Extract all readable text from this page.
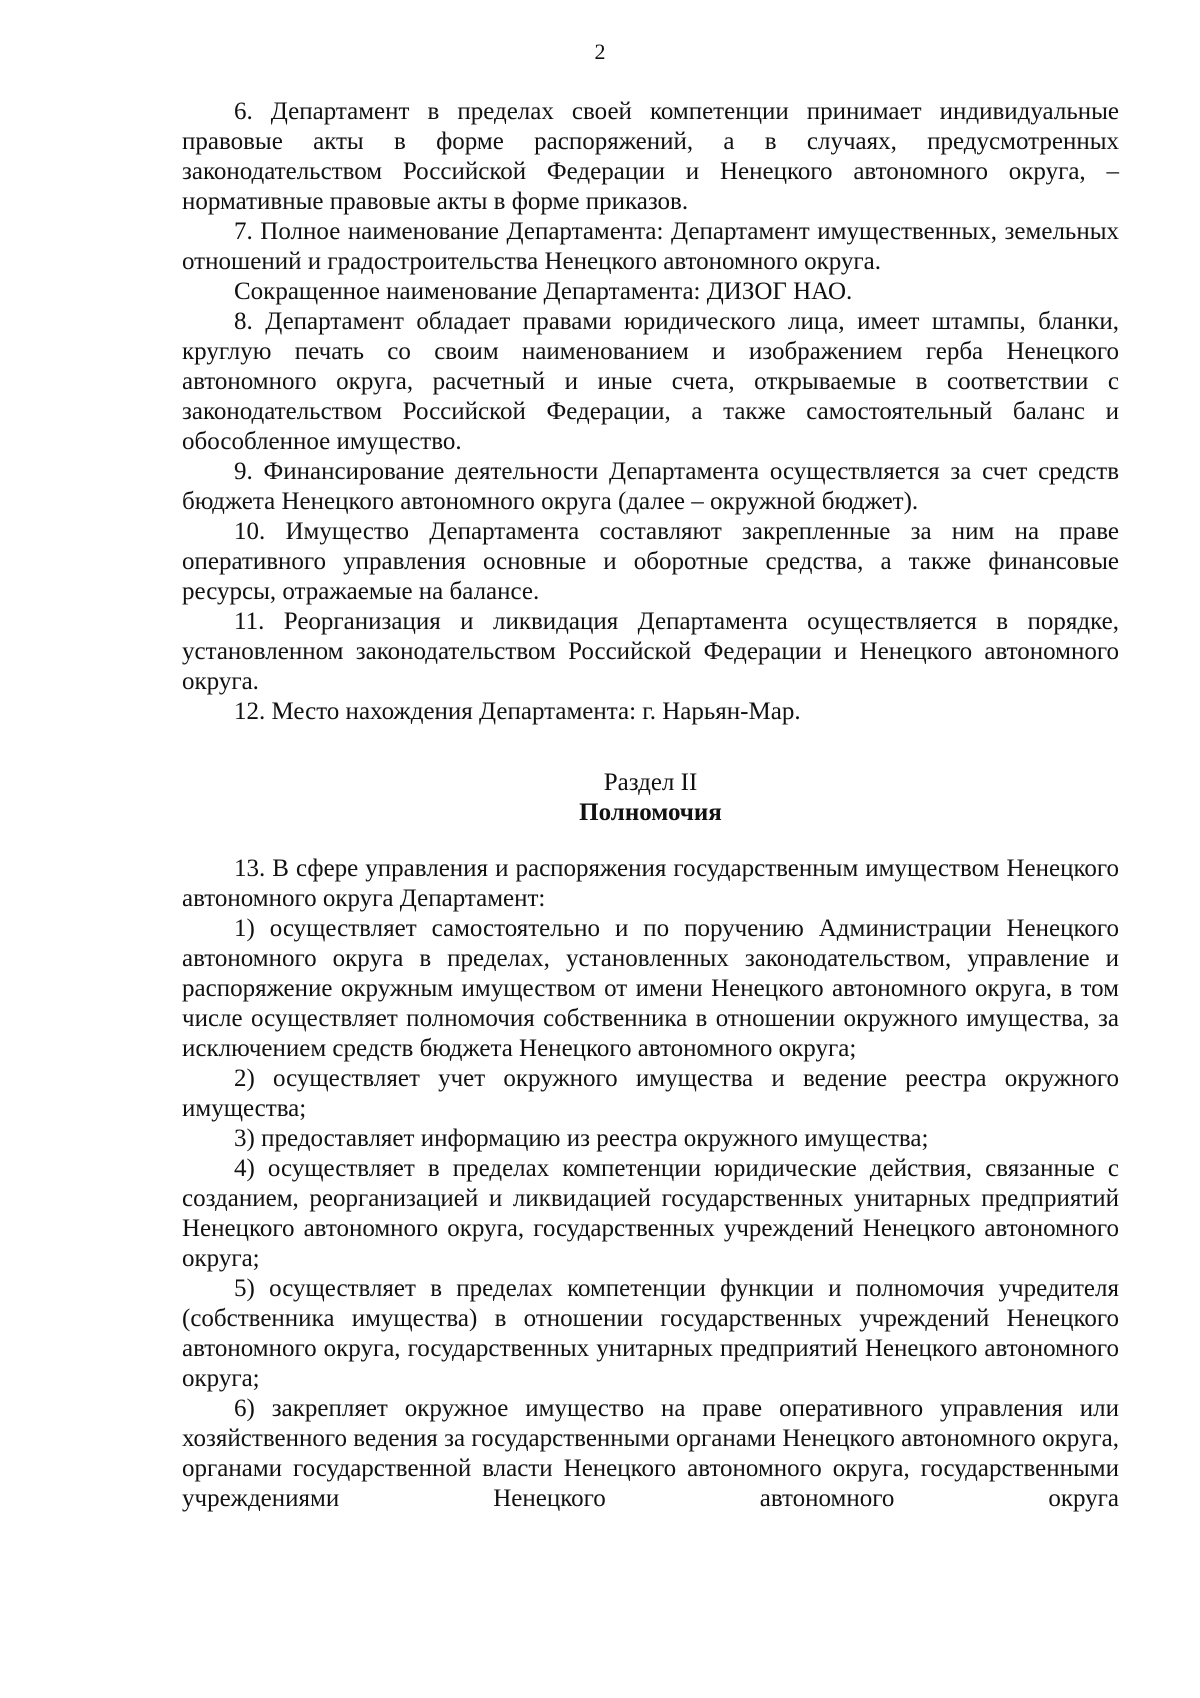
2

6. Департамент в пределах своей компетенции принимает индивидуальные правовые акты в форме распоряжений, а в случаях, предусмотренных законодательством Российской Федерации и Ненецкого автономного округа, – нормативные правовые акты в форме приказов.

7. Полное наименование Департамента: Департамент имущественных, земельных отношений и градостроительства Ненецкого автономного округа.

Сокращенное наименование Департамента: ДИЗОГ НАО.

8. Департамент обладает правами юридического лица, имеет штампы, бланки, круглую печать со своим наименованием и изображением герба Ненецкого автономного округа, расчетный и иные счета, открываемые в соответствии с законодательством Российской Федерации, а также самостоятельный баланс и обособленное имущество.

9. Финансирование деятельности Департамента осуществляется за счет средств бюджета Ненецкого автономного округа (далее – окружной бюджет).

10. Имущество Департамента составляют закрепленные за ним на праве оперативного управления основные и оборотные средства, а также финансовые ресурсы, отражаемые на балансе.

11. Реорганизация и ликвидация Департамента осуществляется в порядке, установленном законодательством Российской Федерации и Ненецкого автономного округа.

12. Место нахождения Департамента: г. Нарьян-Мар.

Раздел II
Полномочия

13. В сфере управления и распоряжения государственным имуществом Ненецкого автономного округа Департамент:

1) осуществляет самостоятельно и по поручению Администрации Ненецкого автономного округа в пределах, установленных законодательством, управление и распоряжение окружным имуществом от имени Ненецкого автономного округа, в том числе осуществляет полномочия собственника в отношении окружного имущества, за исключением средств бюджета Ненецкого автономного округа;

2) осуществляет учет окружного имущества и ведение реестра окружного имущества;

3) предоставляет информацию из реестра окружного имущества;

4) осуществляет в пределах компетенции юридические действия, связанные с созданием, реорганизацией и ликвидацией государственных унитарных предприятий Ненецкого автономного округа, государственных учреждений Ненецкого автономного округа;

5) осуществляет в пределах компетенции функции и полномочия учредителя (собственника имущества) в отношении государственных учреждений Ненецкого автономного округа, государственных унитарных предприятий Ненецкого автономного округа;

6) закрепляет окружное имущество на праве оперативного управления или хозяйственного ведения за государственными органами Ненецкого автономного округа, органами государственной власти Ненецкого автономного округа, государственными учреждениями Ненецкого автономного округа
